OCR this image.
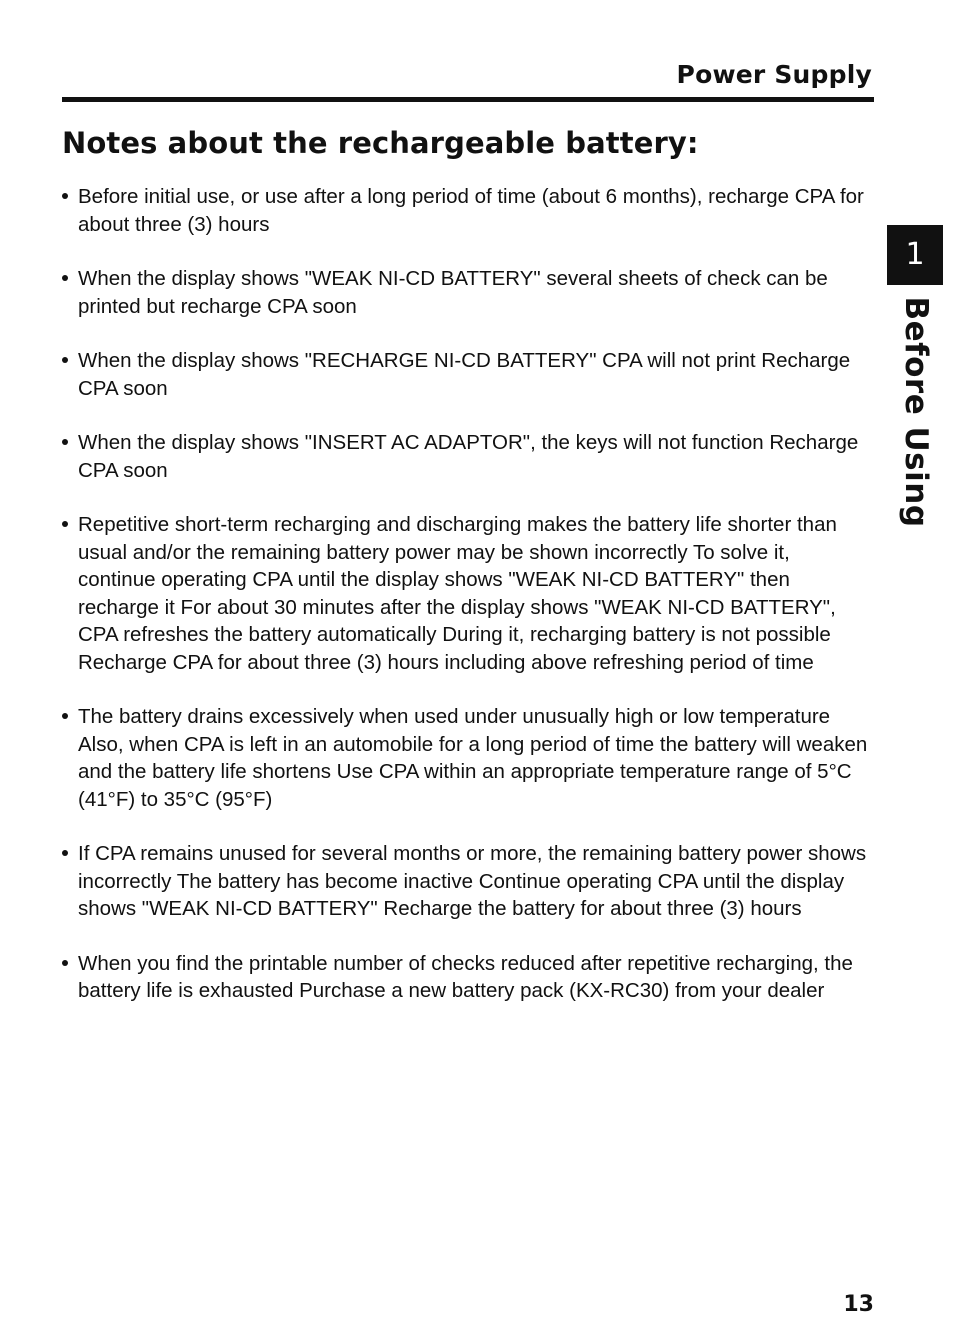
Power Supply
Notes about the rechargeable battery:
Before initial use, or use after a long period of time (about 6 months), recharge CPA for about three (3) hours
When the display shows "WEAK NI-CD BATTERY" several sheets of check can be printed but recharge CPA soon
When the display shows "RECHARGE NI-CD BATTERY" CPA will not print Recharge CPA soon
When the display shows "INSERT AC ADAPTOR", the keys will not function Recharge CPA soon
Repetitive short-term recharging and discharging makes the battery life shorter than usual and/or the remaining battery power may be shown incorrectly To solve it, continue operating CPA until the display shows "WEAK NI-CD BATTERY" then recharge it For about 30 minutes after the display shows "WEAK NI-CD BATTERY", CPA refreshes the battery automatically During it, recharging battery is not possible Recharge CPA for about three (3) hours including above refreshing period of time
The battery drains excessively when used under unusually high or low temperature Also, when CPA is left in an automobile for a long period of time the battery will weaken and the battery life shortens Use CPA within an appropriate temperature range of 5°C (41°F) to 35°C (95°F)
If CPA remains unused for several months or more, the remaining battery power shows incorrectly The battery has become inactive Continue operating CPA until the display shows "WEAK NI-CD BATTERY" Recharge the battery for about three (3) hours
When you find the printable number of checks reduced after repetitive recharging, the battery life is exhausted Purchase a new battery pack (KX-RC30) from your dealer
1
Before Using
13
